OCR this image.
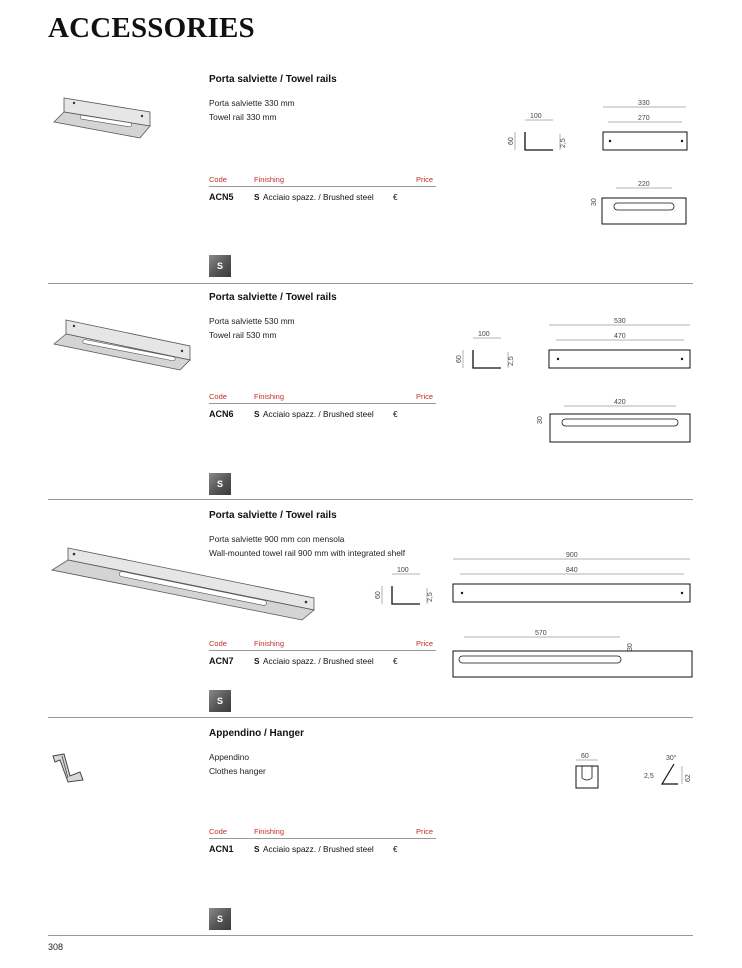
ACCESSORIES
Porta salviette / Towel rails
Porta salviette 330 mm
Towel rail 330 mm
Code	Finishing	Price
ACN5 S Acciaio spazz. / Brushed steel €
S
100
60	2,5
330
270
220
30
Porta salviette / Towel rails
Porta salviette 530 mm
Towel rail 530 mm
Code	Finishing	Price
ACN6 S Acciaio spazz. / Brushed steel €
S
100
60	2,5
530
470
420
30
Porta salviette / Towel rails
Porta salviette 900 mm con mensola
Wall-mounted towel rail 900 mm with integrated shelf
Code	Finishing	Price
ACN7 S Acciaio spazz. / Brushed steel €
S
100
60	2,5
900
840
570
30
Appendino / Hanger
Appendino
Clothes hanger
Code	Finishing	Price
ACN1 S Acciaio spazz. / Brushed steel €
S
60	30°
2,5	62
308
